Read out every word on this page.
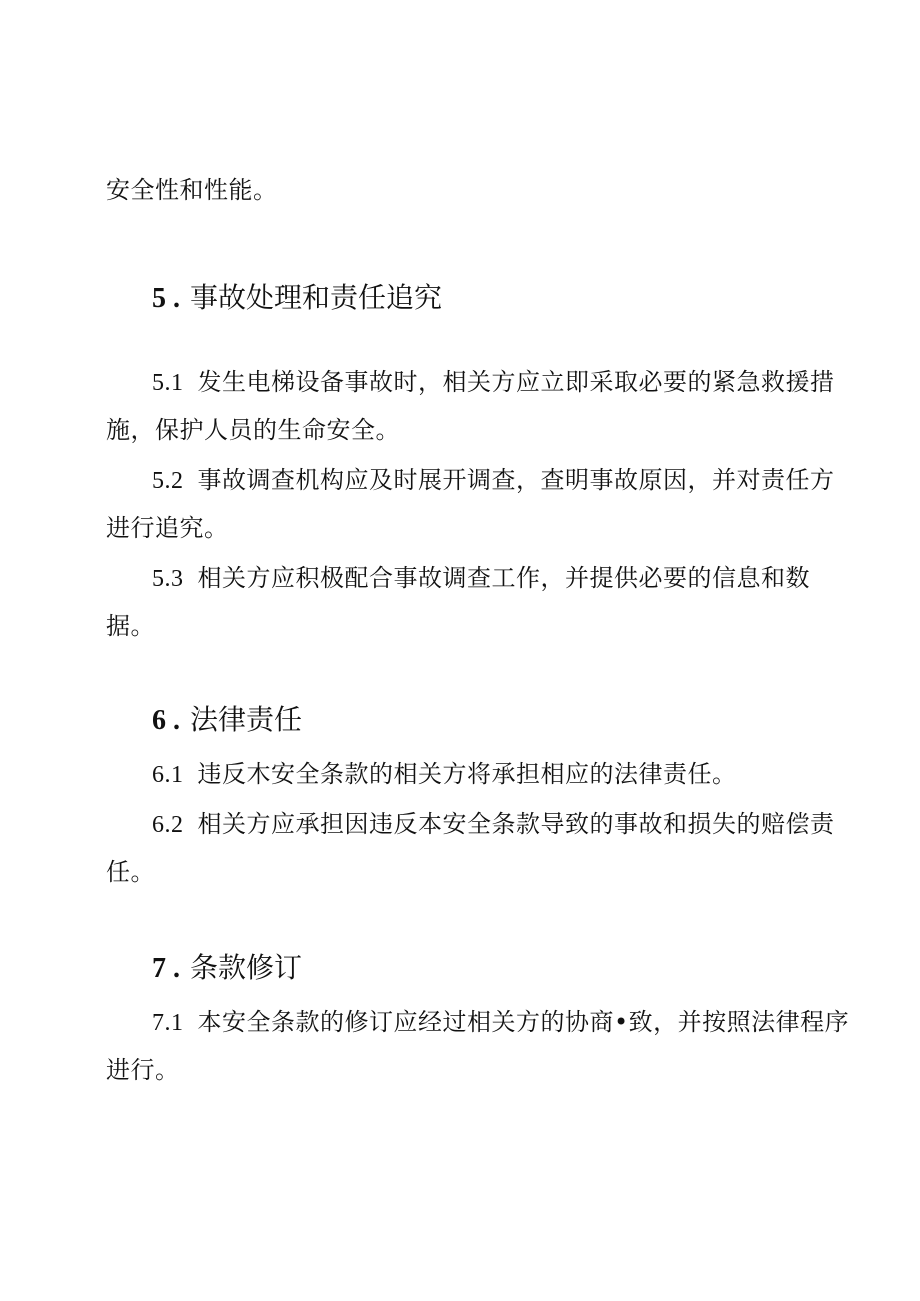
安全性和性能。
5 . 事故处理和责任追究
5.1 发生电梯设备事故时，相关方应立即采取必要的紧急救援措
施，保护人员的生命安全。
5.2 事故调查机构应及时展开调查，查明事故原因，并对责任方
进行追究。
5.3 相关方应积极配合事故调查工作，并提供必要的信息和数
据。
6 . 法律责任
6.1 违反木安全条款的相关方将承担相应的法律责任。
6.2 相关方应承担因违反本安全条款导致的事故和损失的赔偿责
任。
7 . 条款修订
7.1 本安全条款的修订应经过相关方的协商•致，并按照法律程序
进行。
